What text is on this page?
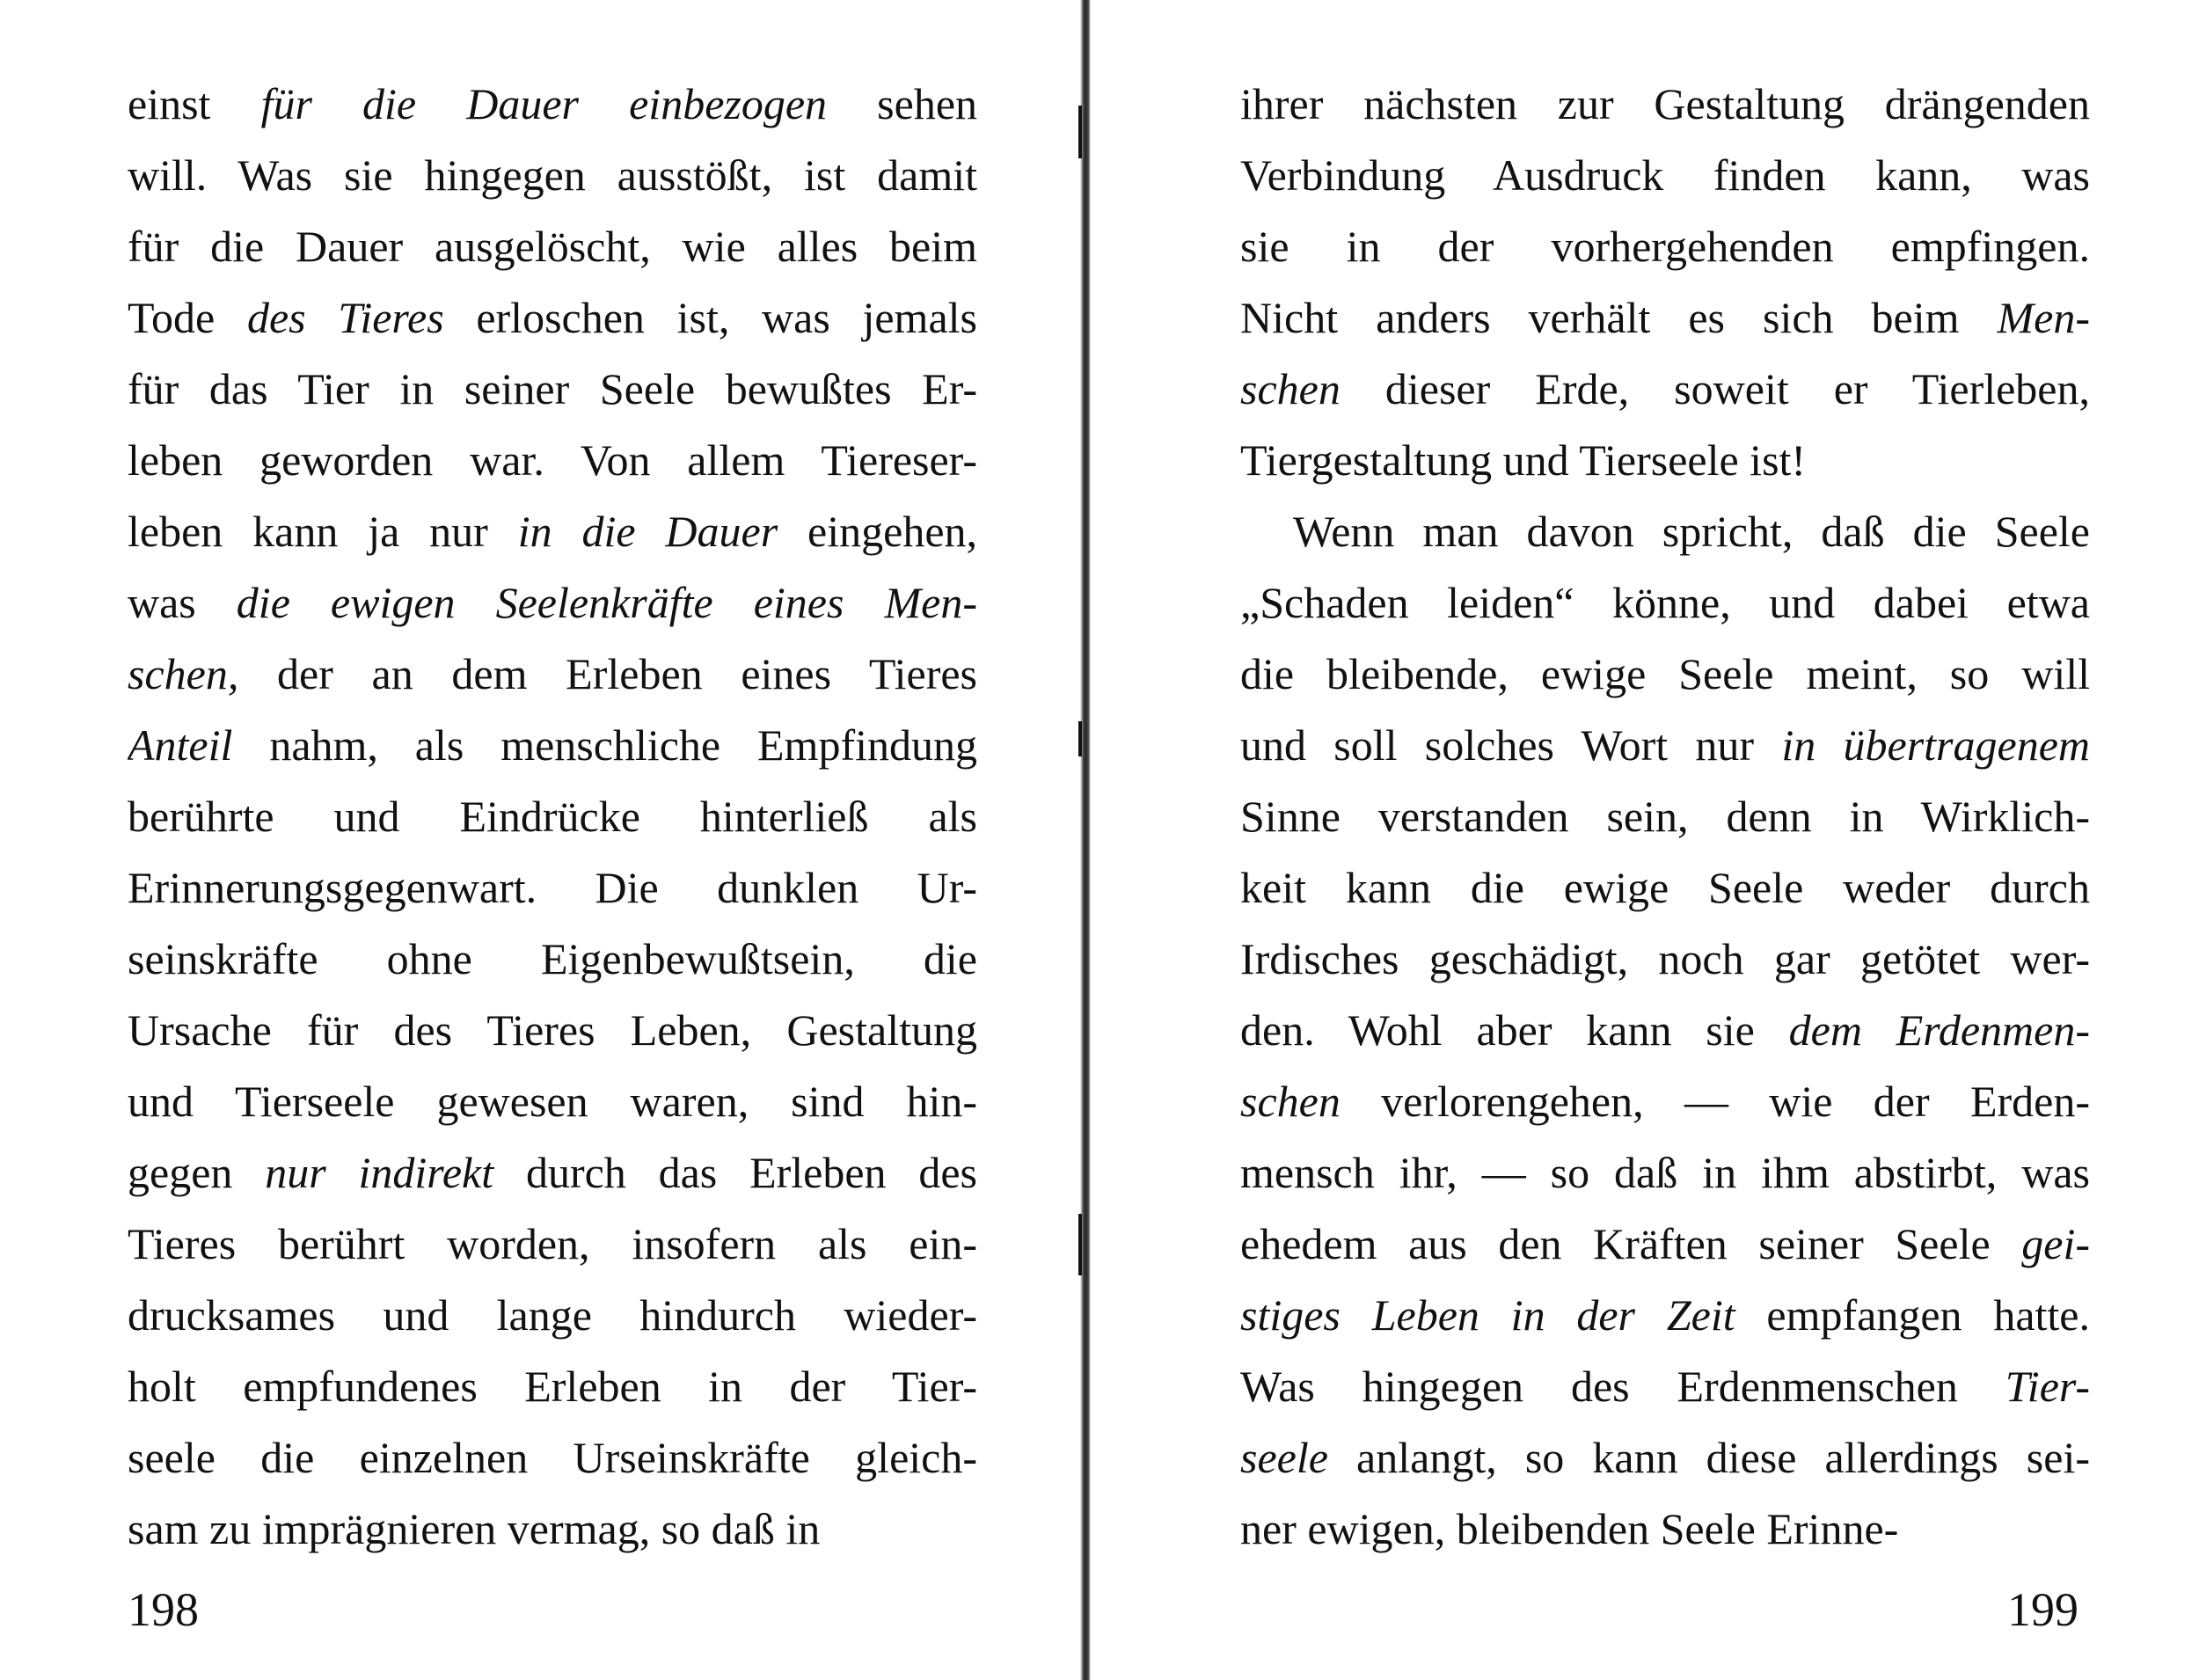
einst für die Dauer einbezogen sehen
will. Was sie hingegen ausstößt, ist damit
für die Dauer ausgelöscht, wie alles beim
Tode des Tieres erloschen ist, was jemals
für das Tier in seiner Seele bewußtes Er-
leben geworden war. Von allem Tiereser-
leben kann ja nur in die Dauer eingehen,
was die ewigen Seelenkräfte eines Men-
schen, der an dem Erleben eines Tieres
Anteil nahm, als menschliche Empfindung
berührte und Eindrücke hinterließ als
Erinnerungsgegenwart. Die dunklen Ur-
seinskräfte ohne Eigenbewußtsein, die
Ursache für des Tieres Leben, Gestaltung
und Tierseele gewesen waren, sind hin-
gegen nur indirekt durch das Erleben des
Tieres berührt worden, insofern als ein-
drucksames und lange hindurch wieder-
holt empfundenes Erleben in der Tier-
seele die einzelnen Urseinskräfte gleich-
sam zu imprägnieren vermag, so daß in
198
ihrer nächsten zur Gestaltung drängenden
Verbindung Ausdruck finden kann, was
sie in der vorhergehenden empfingen.
Nicht anders verhält es sich beim Men-
schen dieser Erde, soweit er Tierleben,
Tiergestaltung und Tierseele ist!
Wenn man davon spricht, daß die Seele
„Schaden leiden“ könne, und dabei etwa
die bleibende, ewige Seele meint, so will
und soll solches Wort nur in übertragenem
Sinne verstanden sein, denn in Wirklich-
keit kann die ewige Seele weder durch
Irdisches geschädigt, noch gar getötet wer-
den. Wohl aber kann sie dem Erdenmen-
schen verlorengehen, — wie der Erden-
mensch ihr, — so daß in ihm abstirbt, was
ehedem aus den Kräften seiner Seele gei-
stiges Leben in der Zeit empfangen hatte.
Was hingegen des Erdenmenschen Tier-
seele anlangt, so kann diese allerdings sei-
ner ewigen, bleibenden Seele Erinne-
199
